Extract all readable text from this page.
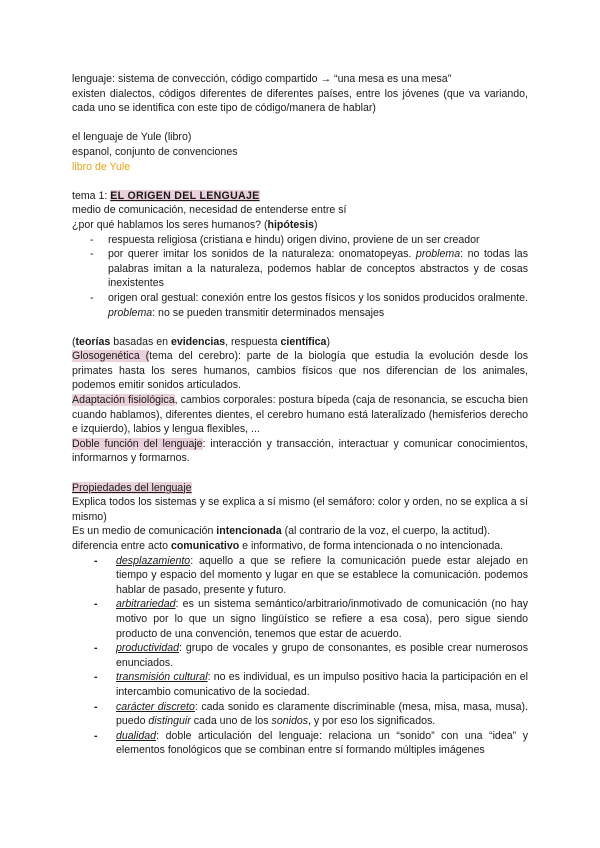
lenguaje: sistema de convección, código compartido → “una mesa es una mesa”

existen dialectos, códigos diferentes de diferentes países, entre los jóvenes (que va variando, cada uno se identifica con este tipo de código/manera de hablar)

el lenguaje de Yule (libro)

espanol, conjunto de convenciones

libro de Yule

tema 1: EL ORIGEN DEL LENGUAJE

medio de comunicación, necesidad de entenderse entre sí

¿por qué hablamos los seres humanos? (hipótesis)

- respuesta religiosa (cristiana e hindu) origen divino, proviene de un ser creador
- por querer imitar los sonidos de la naturaleza: onomatopeyas. problema: no todas las palabras imitan a la naturaleza, podemos hablar de conceptos abstractos y de cosas inexistentes
- origen oral gestual: conexión entre los gestos físicos y los sonidos producidos oralmente. problema: no se pueden transmitir determinados mensajes

(teorías basadas en evidencias, respuesta científica)

Glosogenética (tema del cerebro): parte de la biología que estudia la evolución desde los primates hasta los seres humanos, cambios físicos que nos diferencian de los animales, podemos emitir sonidos articulados.

Adaptación fisiológica, cambios corporales: postura bípeda (caja de resonancia, se escucha bien cuando hablamos), diferentes dientes, el cerebro humano está lateralizado (hemisferios derecho e izquierdo), labios y lengua flexibles, ...

Doble función del lenguaje: interacción y transacción, interactuar y comunicar conocimientos, informarnos y formarnos.

Propiedades del lenguaje

Explica todos los sistemas y se explica a sí mismo (el semáforo: color y orden, no se explica a sí mismo)

Es un medio de comunicación intencionada (al contrario de la voz, el cuerpo, la actitud).

diferencia entre acto comunicativo e informativo, de forma intencionada o no intencionada.

- desplazamiento: aquello a que se refiere la comunicación puede estar alejado en tiempo y espacio del momento y lugar en que se establece la comunicación. podemos hablar de pasado, presente y futuro.
- arbitrariedad: es un sistema semántico/arbitrario/inmotivado de comunicación (no hay motivo por lo que un signo lingüístico se refiere a esa cosa), pero sigue siendo producto de una convención, tenemos que estar de acuerdo.
- productividad: grupo de vocales y grupo de consonantes, es posible crear numerosos enunciados.
- transmisión cultural: no es individual, es un impulso positivo hacia la participación en el intercambio comunicativo de la sociedad.
- carácter discreto: cada sonido es claramente discriminable (mesa, misa, masa, musa). puedo distinguir cada uno de los sonidos, y por eso los significados.
- dualidad: doble articulación del lenguaje: relaciona un “sonido” con una “idea” y elementos fonológicos que se combinan entre sí formando múltiples imágenes
